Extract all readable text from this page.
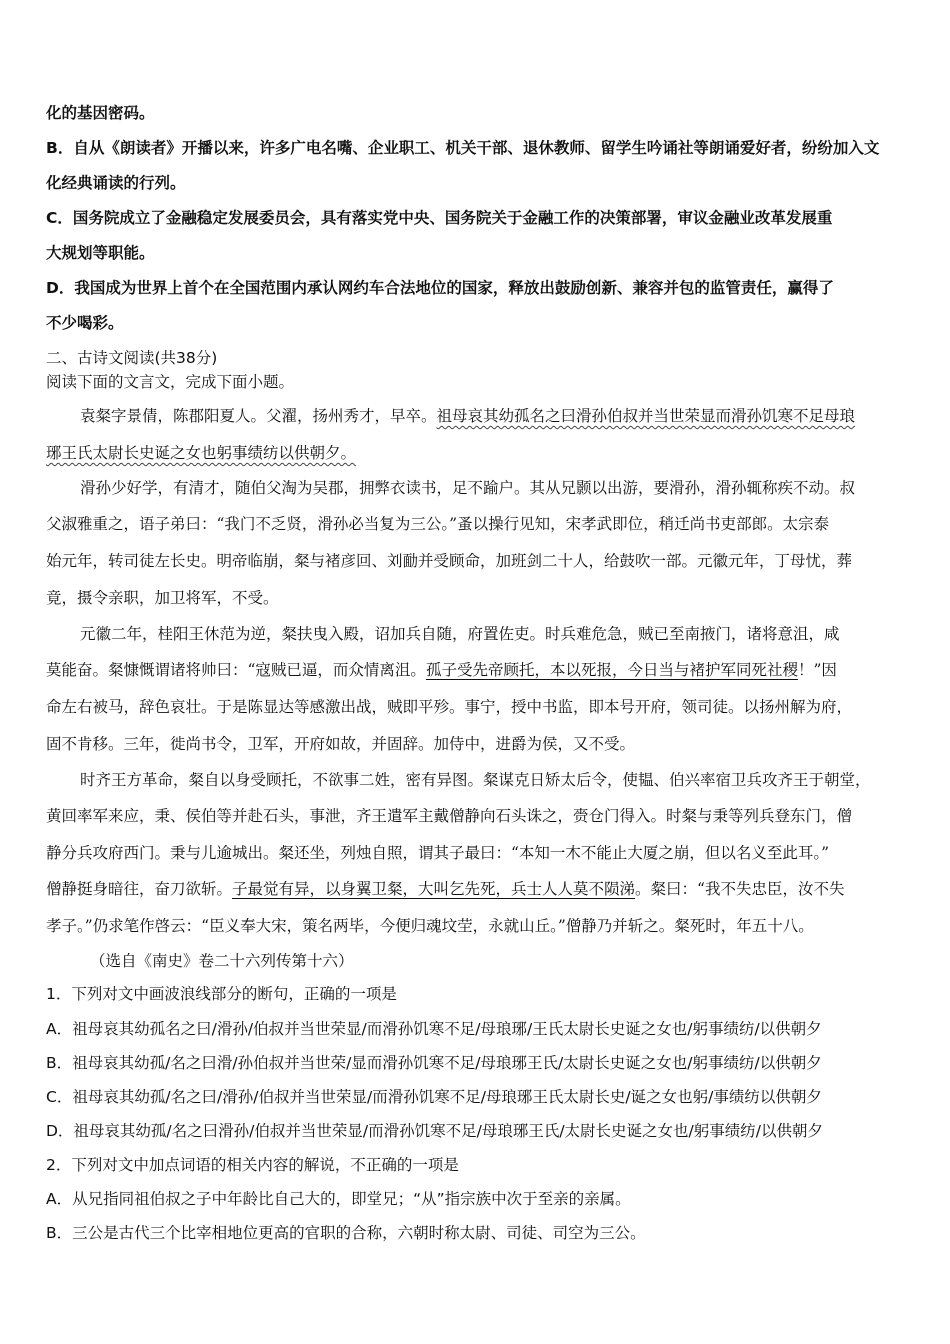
化的基因密码。
B．自从《朗读者》开播以来，许多广电名嘴、企业职工、机关干部、退休教师、留学生吟诵社等朗诵爱好者，纷纷加入文
化经典诵读的行列。
C．国务院成立了金融稳定发展委员会，具有落实党中央、国务院关于金融工作的决策部署，审议金融业改革发展重
大规划等职能。
D．我国成为世界上首个在全国范围内承认网约车合法地位的国家，释放出鼓励创新、兼容并包的监管责任，赢得了
不少喝彩。
二、古诗文阅读(共38分)
阅读下面的文言文，完成下面小题。
袁粲字景倩，陈郡阳夏人。父濯，扬州秀才，早卒。祖母哀其幼孤名之曰滑孙伯叔并当世荣显而滑孙饥寒不足母琅
琊王氏太尉长史诞之女也躬事绩纺以供朝夕。
滑孙少好学，有清才，随伯父淘为吴郡，拥弊衣读书，足不踰户。其从兄颢以出游，要滑孙，滑孙辄称疾不动。叔
父淑雅重之，语子弟曰：“我门不乏贤，滑孙必当复为三公。”蚤以操行见知，宋孝武即位，稍迁尚书吏部郎。太宗泰
始元年，转司徒左长史。明帝临崩，粲与褚彦回、刘勔并受顾命，加班剑二十人，给鼓吹一部。元徽元年，丁母忧，葬
竟，摄令亲职，加卫将军，不受。
元徽二年，桂阳王休范为逆，粲扶曳入殿，诏加兵自随，府置佐吏。时兵难危急，贼已至南掖门，诸将意沮，咸
莫能奋。粲慷慨谓诸将帅曰：“寇贼已逼，而众情离沮。孤子受先帝顾托，本以死报，今日当与褚护军同死社稷！”因
命左右被马，辞色哀壮。于是陈显达等感激出战，贼即平殄。事宁，授中书监，即本号开府，领司徒。以扬州解为府，
固不肯移。三年，徙尚书令，卫军，开府如故，并固辞。加侍中，进爵为侯，又不受。
时齐王方革命，粲自以身受顾托，不欲事二姓，密有异图。粲谋克日矫太后令，使韫、伯兴率宿卫兵攻齐王于朝堂，
黄回率军来应，秉、侯伯等并赴石头，事泄，齐王遣军主戴僧静向石头诛之，赍仓门得入。时粲与秉等列兵登东门，僧
静分兵攻府西门。秉与儿逾城出。粲还坐，列烛自照，谓其子最曰：“本知一木不能止大厦之崩，但以名义至此耳。”
僧静挺身暗往，奋刀欲斩。子最觉有异，以身翼卫粲，大叫乞先死，兵士人人莫不陨涕。粲曰：“我不失忠臣，汝不失
孝子。”仍求笔作啓云：“臣义奉大宋，策名两毕，今便归魂坟茔，永就山丘。”僧静乃并斩之。粲死时，年五十八。
（选自《南史》卷二十六列传第十六）
1．下列对文中画波浪线部分的断句，正确的一项是
A．祖母哀其幼孤名之曰/滑孙/伯叔并当世荣显/而滑孙饥寒不足/母琅琊/王氏太尉长史诞之女也/躬事绩纺/以供朝夕
B．祖母哀其幼孤/名之曰滑/孙伯叔并当世荣/显而滑孙饥寒不足/母琅琊王氏/太尉长史诞之女也/躬事绩纺/以供朝夕
C．祖母哀其幼孤/名之曰/滑孙/伯叔并当世荣显/而滑孙饥寒不足/母琅琊王氏太尉长史/诞之女也躬/事绩纺以供朝夕
D．祖母哀其幼孤/名之曰滑孙/伯叔并当世荣显/而滑孙饥寒不足/母琅琊王氏/太尉长史诞之女也/躬事绩纺/以供朝夕
2．下列对文中加点词语的相关内容的解说，不正确的一项是
A．从兄指同祖伯叔之子中年龄比自己大的，即堂兄；“从”指宗族中次于至亲的亲属。
B．三公是古代三个比宰相地位更高的官职的合称，六朝时称太尉、司徒、司空为三公。
